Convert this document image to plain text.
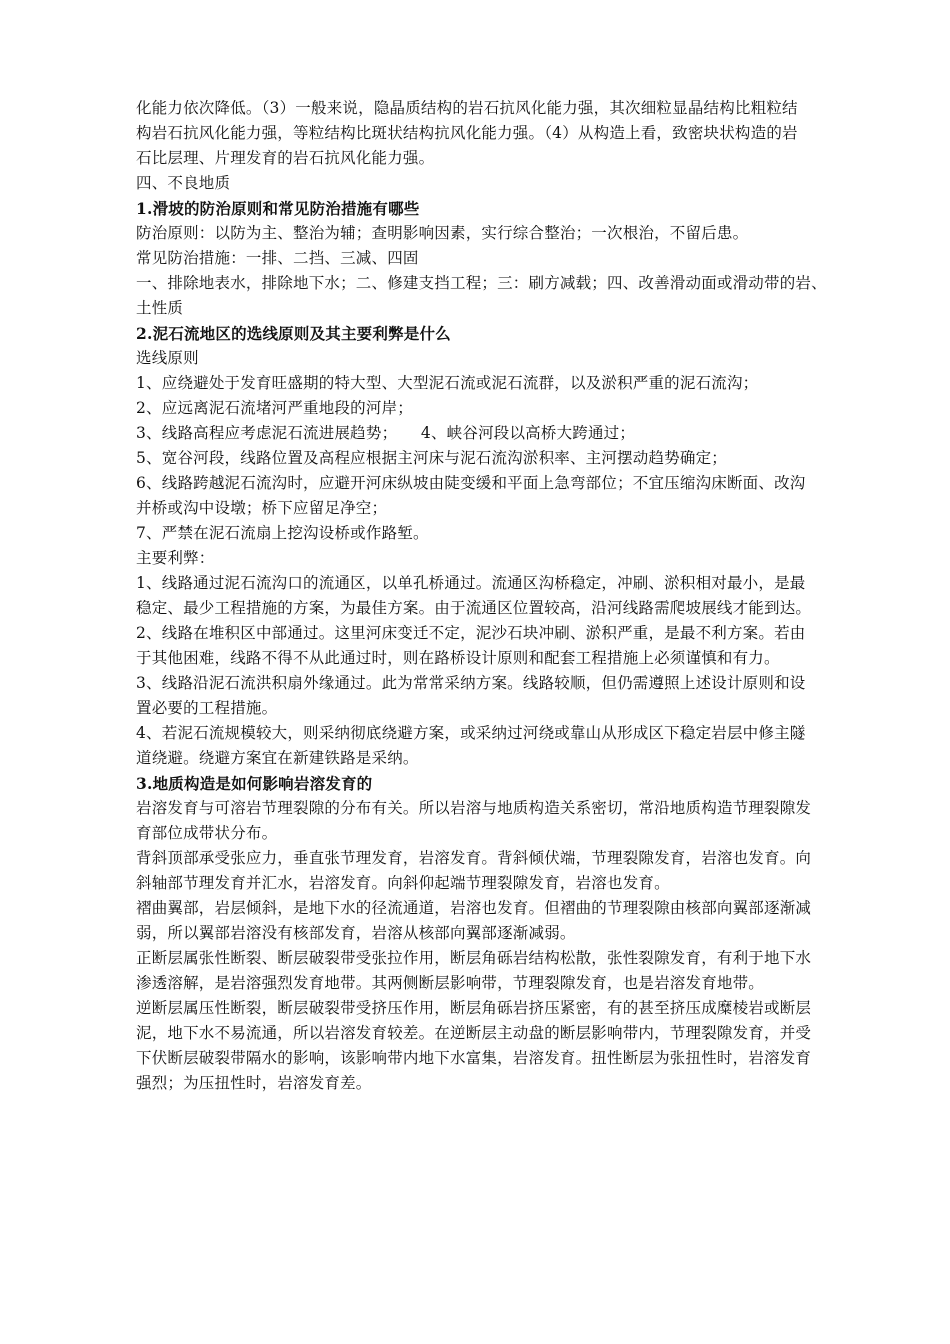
化能力依次降低。（3）一般来说，隐晶质结构的岩石抗风化能力强，其次细粒显晶结构比粗粒结
构岩石抗风化能力强，等粒结构比斑状结构抗风化能力强。（4）从构造上看，致密块状构造的岩
石比层理、片理发育的岩石抗风化能力强。
四、不良地质
1.滑坡的防治原则和常见防治措施有哪些
防治原则：以防为主、整治为辅；查明影响因素，实行综合整治；一次根治，不留后患。
常见防治措施：一排、二挡、三减、四固
一、排除地表水，排除地下水；二、修建支挡工程；三：刷方减载；四、改善滑动面或滑动带的岩、
土性质
2.泥石流地区的选线原则及其主要利弊是什么
选线原则
1、应绕避处于发育旺盛期的特大型、大型泥石流或泥石流群，以及淤积严重的泥石流沟；
2、应远离泥石流堵河严重地段的河岸；
3、线路高程应考虑泥石流进展趋势；　　4、峡谷河段以高桥大跨通过；
5、宽谷河段，线路位置及高程应根据主河床与泥石流沟淤积率、主河摆动趋势确定；
6、线路跨越泥石流沟时，应避开河床纵坡由陡变缓和平面上急弯部位；不宜压缩沟床断面、改沟
并桥或沟中设墩；桥下应留足净空；
7、严禁在泥石流扇上挖沟设桥或作路堑。
主要利弊：
1、线路通过泥石流沟口的流通区，以单孔桥通过。流通区沟桥稳定，冲刷、淤积相对最小，是最
稳定、最少工程措施的方案，为最佳方案。由于流通区位置较高，沿河线路需爬坡展线才能到达。
2、线路在堆积区中部通过。这里河床变迁不定，泥沙石块冲刷、淤积严重，是最不利方案。若由
于其他困难，线路不得不从此通过时，则在路桥设计原则和配套工程措施上必须谨慎和有力。
3、线路沿泥石流洪积扇外缘通过。此为常常采纳方案。线路较顺，但仍需遵照上述设计原则和设
置必要的工程措施。
4、若泥石流规模较大，则采纳彻底绕避方案，或采纳过河绕或靠山从形成区下稳定岩层中修主隧
道绕避。绕避方案宜在新建铁路是采纳。
3.地质构造是如何影响岩溶发育的
岩溶发育与可溶岩节理裂隙的分布有关。所以岩溶与地质构造关系密切，常沿地质构造节理裂隙发
育部位成带状分布。
背斜顶部承受张应力，垂直张节理发育，岩溶发育。背斜倾伏端，节理裂隙发育，岩溶也发育。向
斜轴部节理发育并汇水，岩溶发育。向斜仰起端节理裂隙发育，岩溶也发育。
褶曲翼部，岩层倾斜，是地下水的径流通道，岩溶也发育。但褶曲的节理裂隙由核部向翼部逐渐减
弱，所以翼部岩溶没有核部发育，岩溶从核部向翼部逐渐减弱。
正断层属张性断裂、断层破裂带受张拉作用，断层角砾岩结构松散，张性裂隙发育，有利于地下水
渗透溶解，是岩溶强烈发育地带。其两侧断层影响带，节理裂隙发育，也是岩溶发育地带。
逆断层属压性断裂，断层破裂带受挤压作用，断层角砾岩挤压紧密，有的甚至挤压成糜棱岩或断层
泥，地下水不易流通，所以岩溶发育较差。在逆断层主动盘的断层影响带内，节理裂隙发育，并受
下伏断层破裂带隔水的影响，该影响带内地下水富集，岩溶发育。扭性断层为张扭性时，岩溶发育
强烈；为压扭性时，岩溶发育差。
